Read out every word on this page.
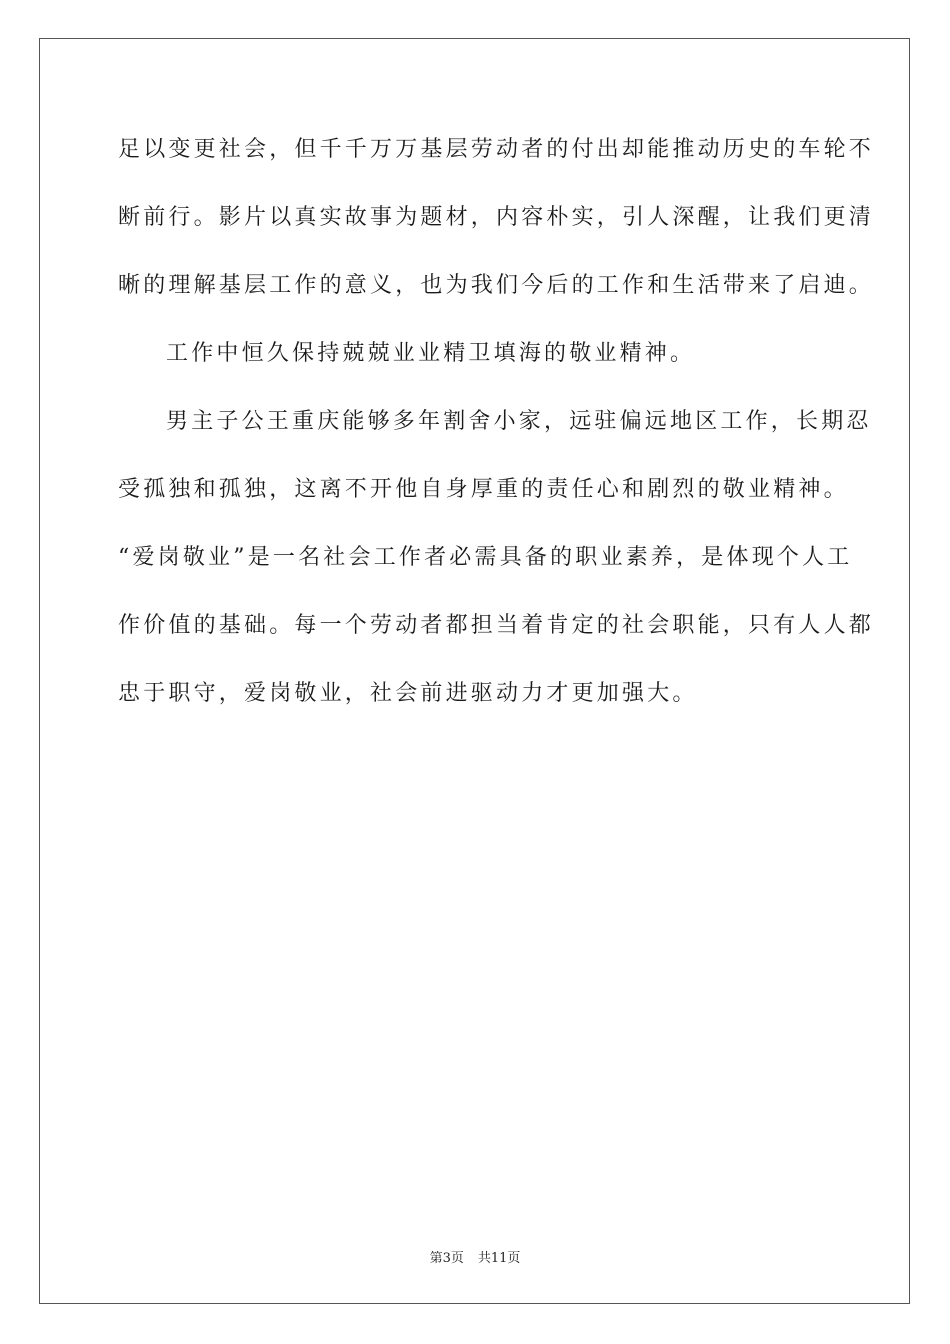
足以变更社会，但千千万万基层劳动者的付出却能推动历史的车轮不
断前行。影片以真实故事为题材，内容朴实，引人深醒，让我们更清
晰的理解基层工作的意义，也为我们今后的工作和生活带来了启迪。
工作中恒久保持兢兢业业精卫填海的敬业精神。
男主子公王重庆能够多年割舍小家，远驻偏远地区工作，长期忍
受孤独和孤独，这离不开他自身厚重的责任心和剧烈的敬业精神。
“爱岗敬业”是一名社会工作者必需具备的职业素养，是体现个人工
作价值的基础。每一个劳动者都担当着肯定的社会职能，只有人人都
忠于职守，爱岗敬业，社会前进驱动力才更加强大。
第3页 共11页
